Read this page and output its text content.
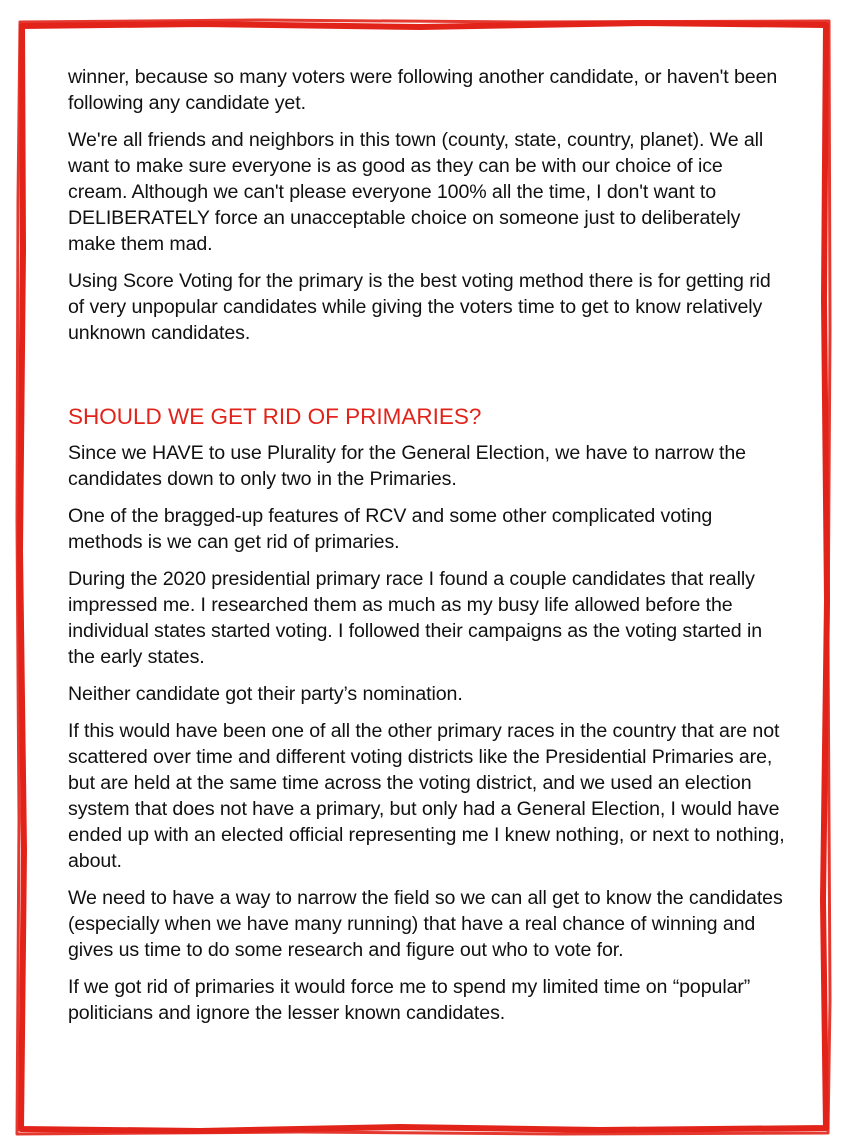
winner, because so many voters were following another candidate, or haven't been following any candidate yet.

We're all friends and neighbors in this town (county, state, country, planet). We all want to make sure everyone is as good as they can be with our choice of ice cream. Although we can't please everyone 100% all the time, I don't want to DELIBERATELY force an unacceptable choice on someone just to deliberately make them mad.

Using Score Voting for the primary is the best voting method there is for getting rid of very unpopular candidates while giving the voters time to get to know relatively unknown candidates.

SHOULD WE GET RID OF PRIMARIES?

Since we HAVE to use Plurality for the General Election, we have to narrow the candidates down to only two in the Primaries.

One of the bragged-up features of RCV and some other complicated voting methods is we can get rid of primaries.

During the 2020 presidential primary race I found a couple candidates that really impressed me. I researched them as much as my busy life allowed before the individual states started voting. I followed their campaigns as the voting started in the early states.

Neither candidate got their party’s nomination.

If this would have been one of all the other primary races in the country that are not scattered over time and different voting districts like the Presidential Primaries are, but are held at the same time across the voting district, and we used an election system that does not have a primary, but only had a General Election, I would have ended up with an elected official representing me I knew nothing, or next to nothing, about.

We need to have a way to narrow the field so we can all get to know the candidates (especially when we have many running) that have a real chance of winning and gives us time to do some research and figure out who to vote for.

If we got rid of primaries it would force me to spend my limited time on “popular” politicians and ignore the lesser known candidates.
